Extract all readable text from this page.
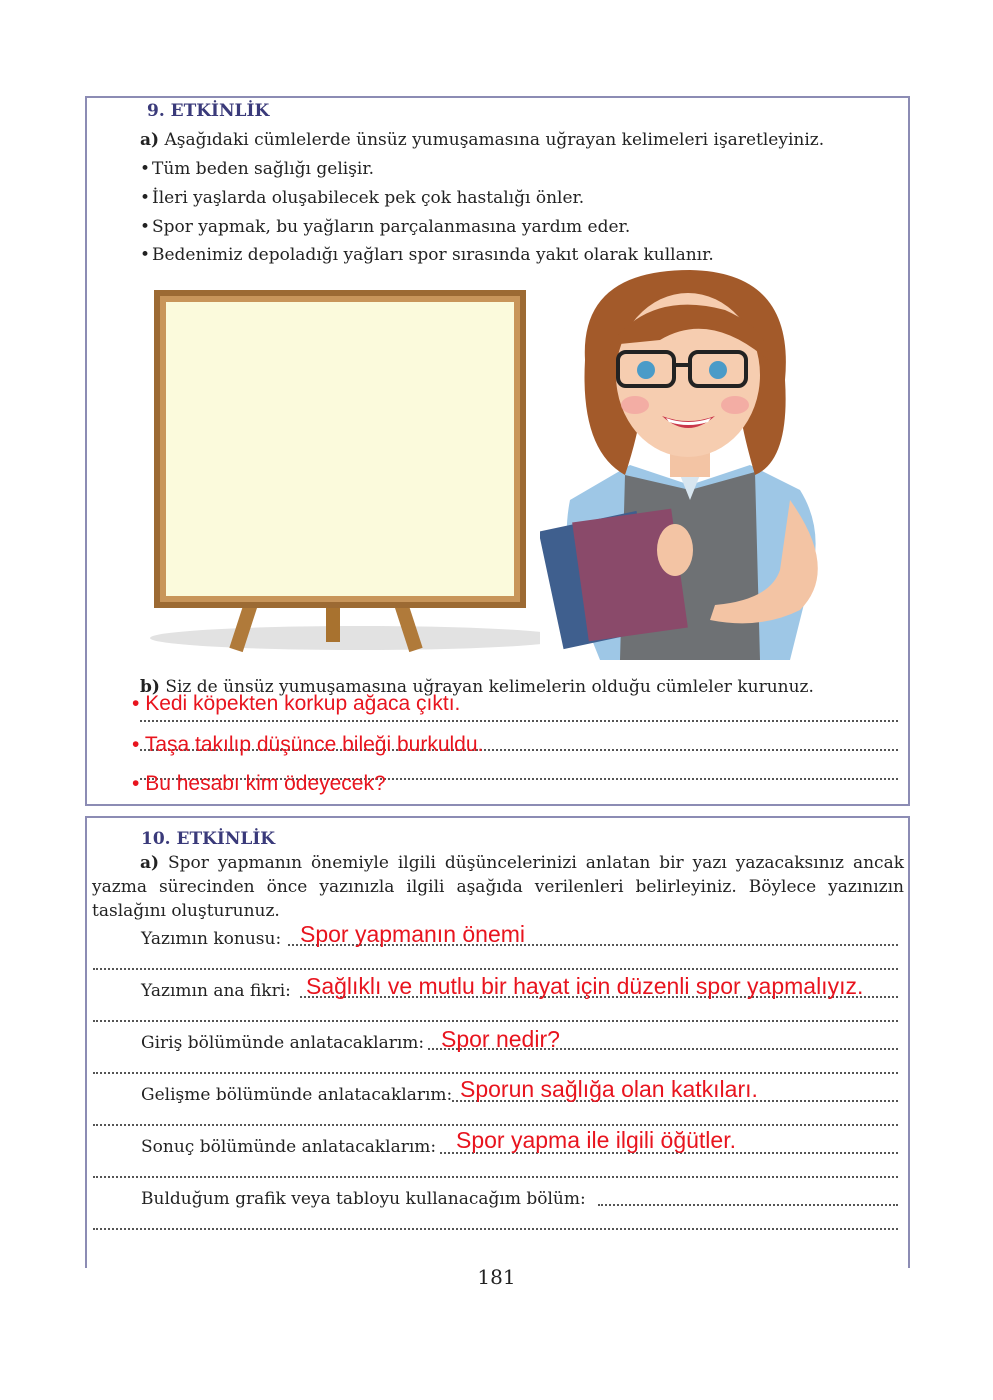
9. ETKİNLİK
a) Aşağıdaki cümlelerde ünsüz yumuşamasına uğrayan kelimeleri işaretleyiniz.
• Tüm beden sağlığı gelişir.
• İleri yaşlarda oluşabilecek pek çok hastalığı önler.
• Spor yapmak, bu yağların parçalanmasına yardım eder.
• Bedenimiz depoladığı yağları spor sırasında yakıt olarak kullanır.
b) Siz de ünsüz yumuşamasına uğrayan kelimelerin olduğu cümleler kurunuz.
• Kedi köpekten korkup ağaca çıktı.
• Taşa takılıp düşünce bileği burkuldu.
• Bu hesabı kim ödeyecek?
10. ETKİNLİK
a) Spor yapmanın önemiyle ilgili düşüncelerinizi anlatan bir yazı yazacaksınız ancak yazma sürecinden önce yazınızla ilgili aşağıda verilenleri belirleyiniz. Böylece yazınızın taslağını oluşturunuz.
Yazımın konusu: Spor yapmanın önemi
Yazımın ana fikri: Sağlıklı ve mutlu bir hayat için düzenli spor yapmalıyız.
Giriş bölümünde anlatacaklarım: Spor nedir?
Gelişme bölümünde anlatacaklarım: Sporun sağlığa olan katkıları.
Sonuç bölümünde anlatacaklarım: Spor yapma ile ilgili öğütler.
Bulduğum grafik veya tabloyu kullanacağım bölüm:
181
